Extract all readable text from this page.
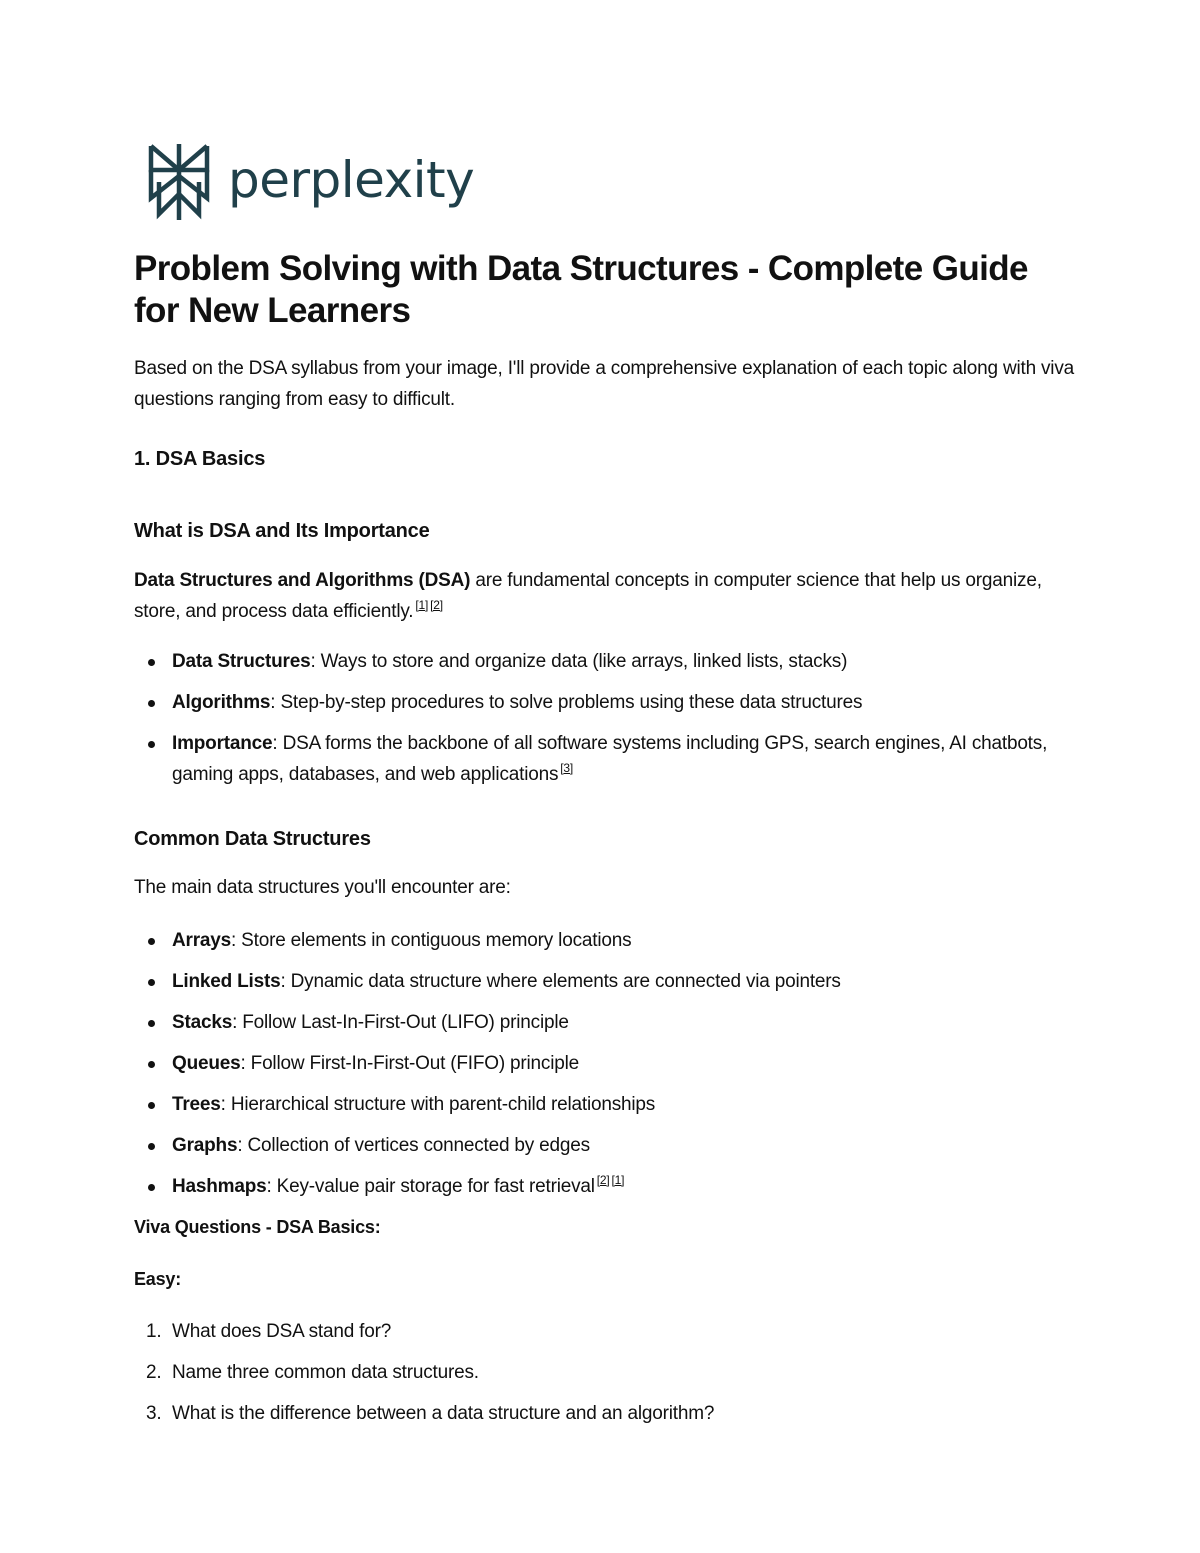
perplexity
Problem Solving with Data Structures - Complete Guide for New Learners

Based on the DSA syllabus from your image, I'll provide a comprehensive explanation of each topic along with viva questions ranging from easy to difficult.

1. DSA Basics
What is DSA and Its Importance

Data Structures and Algorithms (DSA) are fundamental concepts in computer science that help us organize, store, and process data efficiently. [1] [2]

Data Structures: Ways to store and organize data (like arrays, linked lists, stacks)
Algorithms: Step-by-step procedures to solve problems using these data structures
Importance: DSA forms the backbone of all software systems including GPS, search engines, AI chatbots, gaming apps, databases, and web applications [3]
Common Data Structures

The main data structures you'll encounter are:

Arrays: Store elements in contiguous memory locations
Linked Lists: Dynamic data structure where elements are connected via pointers
Stacks: Follow Last-In-First-Out (LIFO) principle
Queues: Follow First-In-First-Out (FIFO) principle
Trees: Hierarchical structure with parent-child relationships
Graphs: Collection of vertices connected by edges
Hashmaps: Key-value pair storage for fast retrieval [2] [1]
Viva Questions - DSA Basics:
Easy:
1. What does DSA stand for?
2. Name three common data structures.
3. What is the difference between a data structure and an algorithm?
